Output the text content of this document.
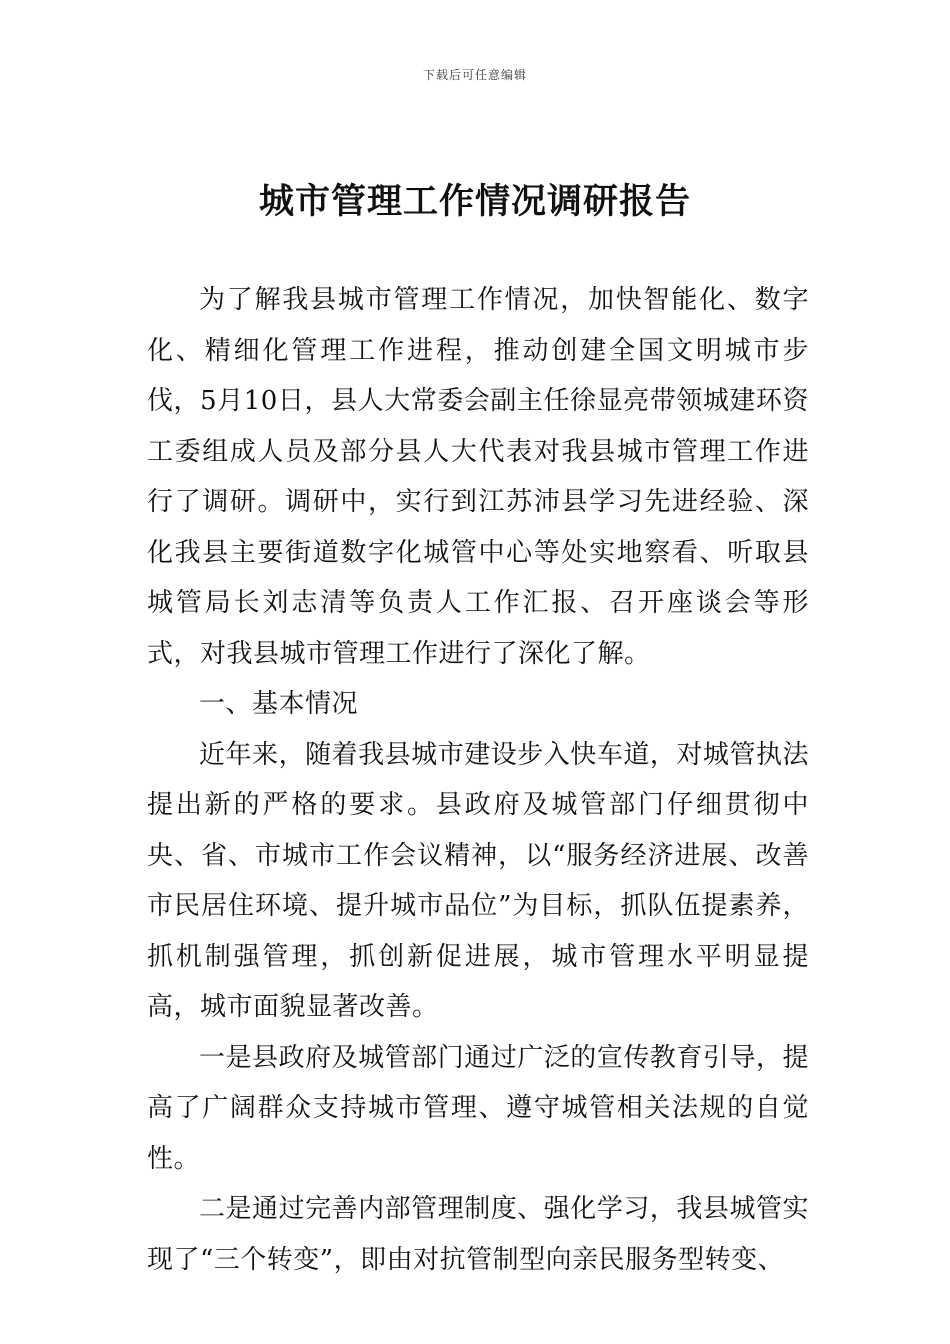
下载后可任意编辑
城市管理工作情况调研报告

为了解我县城市管理工作情况，加快智能化、数字化、精细化管理工作进程，推动创建全国文明城市步伐，5月10日，县人大常委会副主任徐显亮带领城建环资工委组成人员及部分县人大代表对我县城市管理工作进行了调研。调研中，实行到江苏沛县学习先进经验、深化我县主要街道数字化城管中心等处实地察看、听取县城管局长刘志清等负责人工作汇报、召开座谈会等形式，对我县城市管理工作进行了深化了解。

一、基本情况

近年来，随着我县城市建设步入快车道，对城管执法提出新的严格的要求。县政府及城管部门仔细贯彻中央、省、市城市工作会议精神，以“服务经济进展、改善市民居住环境、提升城市品位”为目标，抓队伍提素养，抓机制强管理，抓创新促进展，城市管理水平明显提高，城市面貌显著改善。

一是县政府及城管部门通过广泛的宣传教育引导，提高了广阔群众支持城市管理、遵守城管相关法规的自觉性。

二是通过完善内部管理制度、强化学习，我县城管实现了“三个转变”，即由对抗管制型向亲民服务型转变、
